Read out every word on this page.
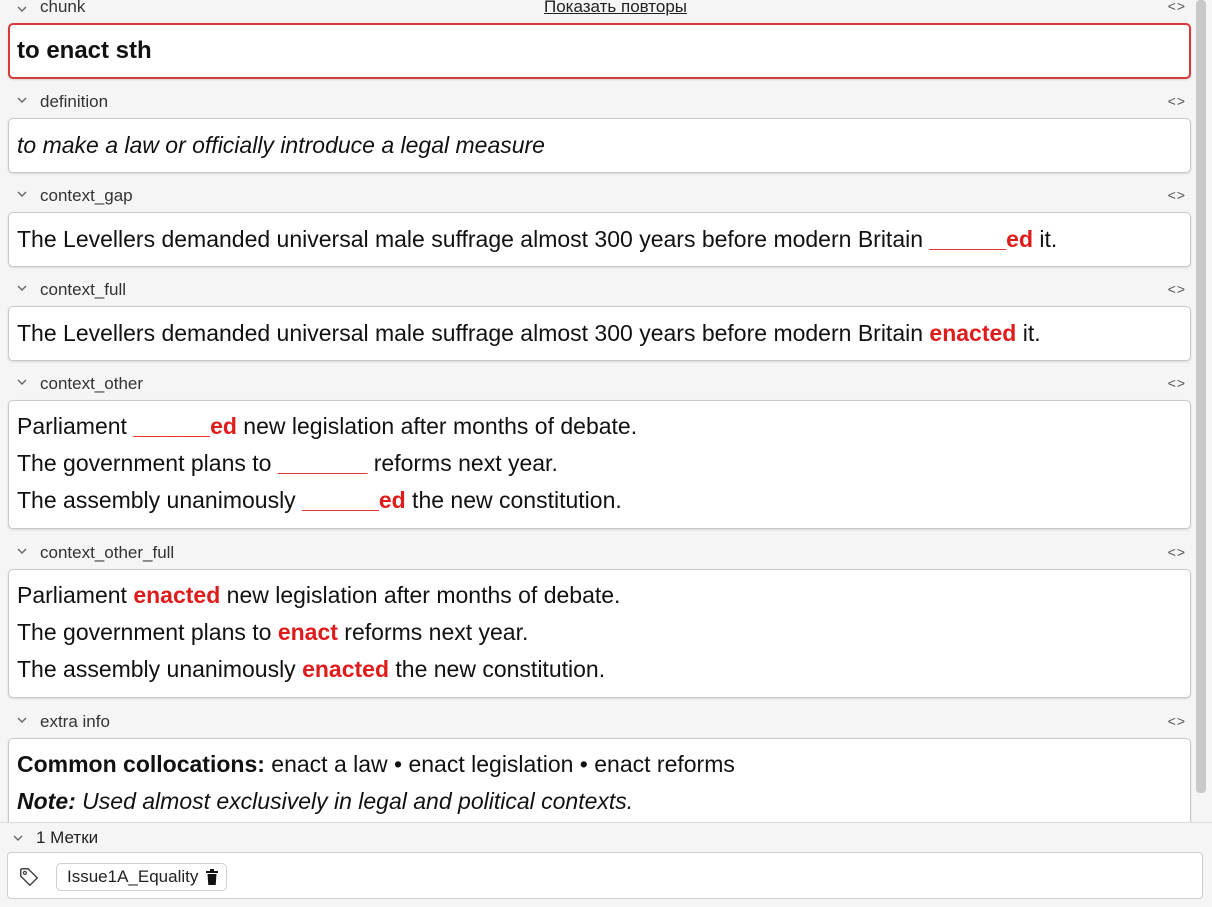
chunk	Показать повторы	<>
to enact sth
definition	<>
to make a law or officially introduce a legal measure
context_gap	<>
The Levellers demanded universal male suffrage almost 300 years before modern Britain ______ed it.
context_full	<>
The Levellers demanded universal male suffrage almost 300 years before modern Britain enacted it.
context_other	<>
Parliament ______ed new legislation after months of debate.
The government plans to _______ reforms next year.
The assembly unanimously ______ed the new constitution.
context_other_full	<>
Parliament enacted new legislation after months of debate.
The government plans to enact reforms next year.
The assembly unanimously enacted the new constitution.
extra info	<>
Common collocations: enact a law • enact legislation • enact reforms
Note: Used almost exclusively in legal and political contexts.
1 Метки
Issue1A_Equality
